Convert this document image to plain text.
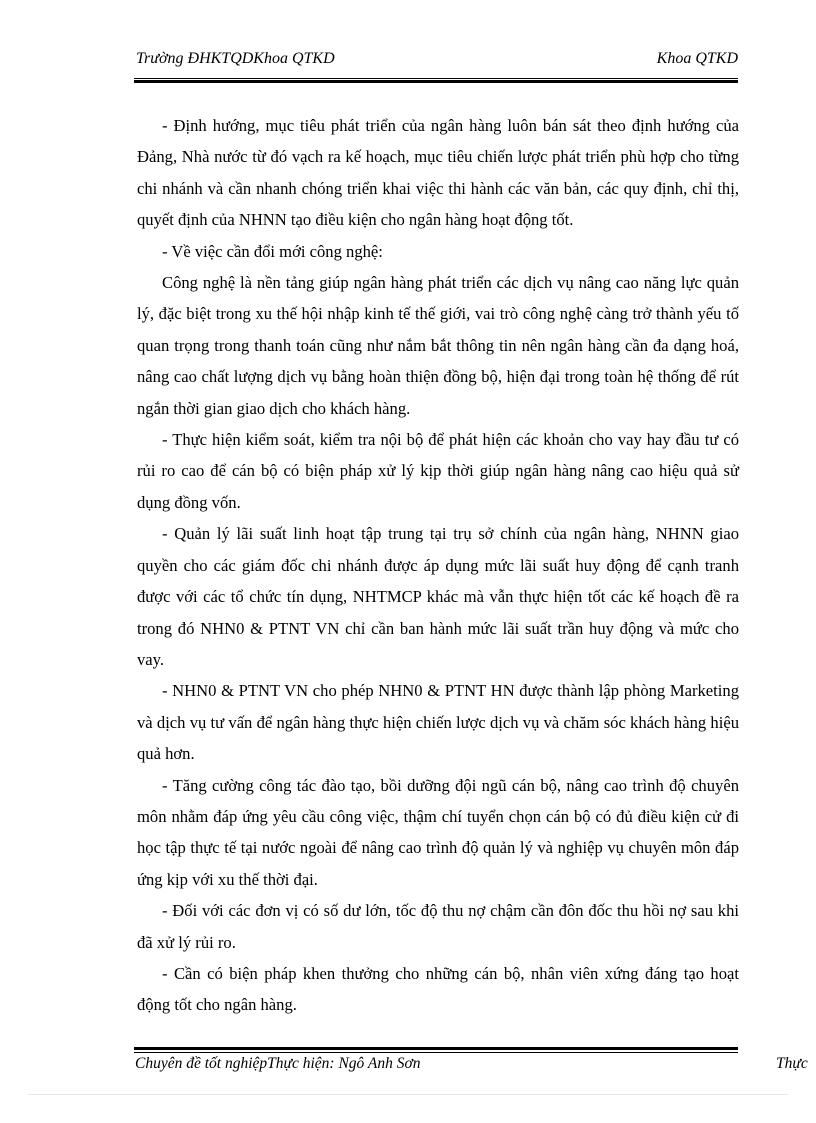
Trường ĐHKTQDKhoa QTKD	Khoa QTKD

- Định hướng, mục tiêu phát triển của ngân hàng luôn bán sát theo định hướng của Đảng, Nhà nước từ đó vạch ra kế hoạch, mục tiêu chiến lược phát triển phù hợp cho từng chi nhánh và cần nhanh chóng triển khai việc thi hành các văn bản, các quy định, chỉ thị, quyết định của NHNN tạo điều kiện cho ngân hàng hoạt động tốt.

- Về việc cần đổi mới công nghệ:

Công nghệ là nền tảng giúp ngân hàng phát triển các dịch vụ nâng cao năng lực quản lý, đặc biệt trong xu thế hội nhập kinh tế thế giới, vai trò công nghệ càng trở thành yếu tố quan trọng trong thanh toán cũng như nắm bắt thông tin nên ngân hàng cần đa dạng hoá, nâng cao chất lượng dịch vụ bằng hoàn thiện đồng bộ, hiện đại trong toàn hệ thống để rút ngắn thời gian giao dịch cho khách hàng.

- Thực hiện kiểm soát, kiểm tra nội bộ để phát hiện các khoản cho vay hay đầu tư có rủi ro cao để cán bộ có biện pháp xử lý kịp thời giúp ngân hàng nâng cao hiệu quả sử dụng đồng vốn.

- Quản lý lãi suất linh hoạt tập trung tại trụ sở chính của ngân hàng, NHNN giao quyền cho các giám đốc chi nhánh được áp dụng mức lãi suất huy động để cạnh tranh được với các tổ chức tín dụng, NHTMCP khác mà vẫn thực hiện tốt các kế hoạch đề ra trong đó NHN0 & PTNT VN chỉ cần ban hành mức lãi suất trần huy động và mức cho vay.

- NHN0 & PTNT VN cho phép NHN0 & PTNT HN được thành lập phòng Marketing và dịch vụ tư vấn để ngân hàng thực hiện chiến lược dịch vụ và chăm sóc khách hàng hiệu quả hơn.

- Tăng cường công tác đào tạo, bồi dưỡng đội ngũ cán bộ, nâng cao trình độ chuyên môn nhằm đáp ứng yêu cầu công việc, thậm chí tuyển chọn cán bộ có đủ điều kiện cử đi học tập thực tế tại nước ngoài để nâng cao trình độ quản lý và nghiệp vụ chuyên môn đáp ứng kịp với xu thế thời đại.

- Đối với các đơn vị có số dư lớn, tốc độ thu nợ chậm cần đôn đốc thu hồi nợ sau khi đã xử lý rủi ro.

- Cần có biện pháp khen thưởng cho những cán bộ, nhân viên xứng đáng tạo hoạt động tốt cho ngân hàng.

Chuyên đề tốt nghiệpThực hiện: Ngô Anh Sơn	Thực
